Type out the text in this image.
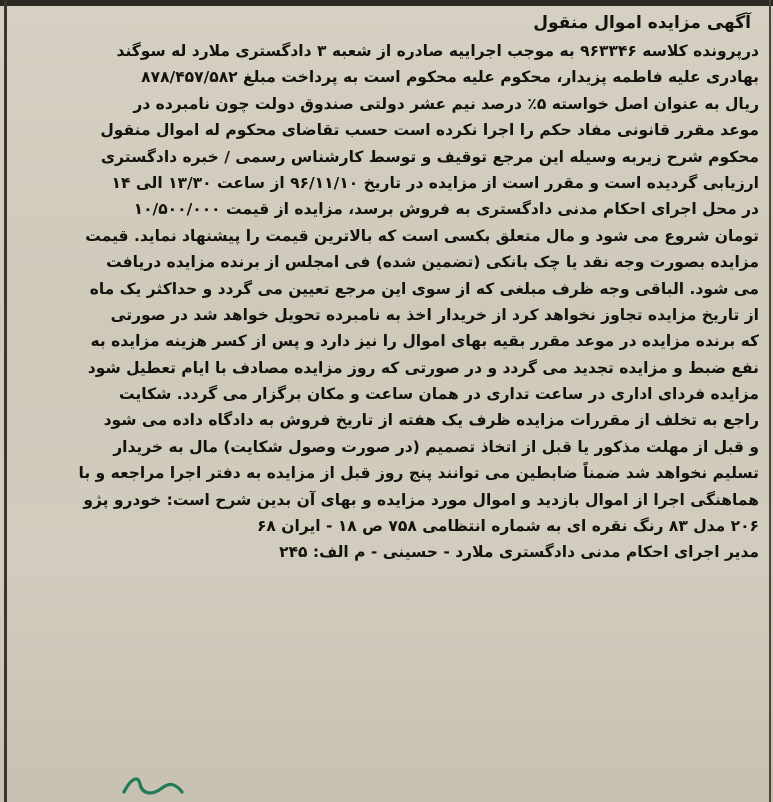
آگهی مزایده اموال منقول
درپرونده کلاسه ۹۶۳۳۴۶ به موجب اجراییه صادره از شعبه ۳ دادگستری ملارد له سوگند
بهادری علیه فاطمه پزیدار، محکوم علیه محکوم است به پرداخت مبلغ ۸۷۸/۴۵۷/۵۸۲
ریال به عنوان اصل خواسته ۵٪ درصد نیم عشر دولتی صندوق دولت چون نامبرده در
موعد مقرر قانونی مفاد حکم را اجرا نکرده است حسب تقاضای محکوم له اموال منقول
محکوم شرح زیربه وسیله این مرجع توقیف و توسط کارشناس رسمی / خبره دادگستری
ارزیابی گردیده است و مقرر است از مزایده در تاریخ ۹۶/۱۱/۱۰ از ساعت ۱۳/۳۰ الی ۱۴
در محل اجرای احکام مدنی دادگستری به فروش برسد، مزایده از قیمت ۱۰/۵۰۰/۰۰۰
تومان شروع می شود و مال متعلق بکسی است که بالاترین قیمت را پیشنهاد نماید. قیمت
مزایده بصورت وجه نقد یا چک بانکی (تضمین شده) فی امجلس از برنده مزایده دریافت
می شود. الباقی وجه ظرف مبلغی که از سوی این مرجع تعیین می گردد و حداکثر یک ماه
از تاریخ مزایده تجاوز نخواهد کرد از خریدار اخذ به نامبرده تحویل خواهد شد در صورتی
که برنده مزایده در موعد مقرر بقیه بهای اموال را نیز دارد و پس از کسر هزینه مزایده به
نفع ضبط و مزایده تجدید می گردد و در صورتی که روز مزایده مصادف با ایام تعطیل شود
مزایده فردای اداری در ساعت تداری در همان ساعت و مکان برگزار می گردد. شکایت
راجع به تخلف از مقررات مزایده ظرف یک هفته از تاریخ فروش به دادگاه داده می شود
و قبل از مهلت مذکور یا قبل از اتخاذ تصمیم (در صورت وصول شکایت) مال به خریدار
تسلیم نخواهد شد ضمناً ضابطین می توانند پنج روز قبل از مزایده به دفتر اجرا مراجعه و با
هماهنگی اجرا از اموال بازدید و اموال مورد مزایده و بهای آن بدین شرح است: خودرو پژو
۲۰۶ مدل ۸۳ رنگ نقره ای به شماره انتظامی ۷۵۸ ص ۱۸ - ایران ۶۸
مدیر اجرای احکام مدنی دادگستری ملارد - حسینی - م الف: ۲۴۵
